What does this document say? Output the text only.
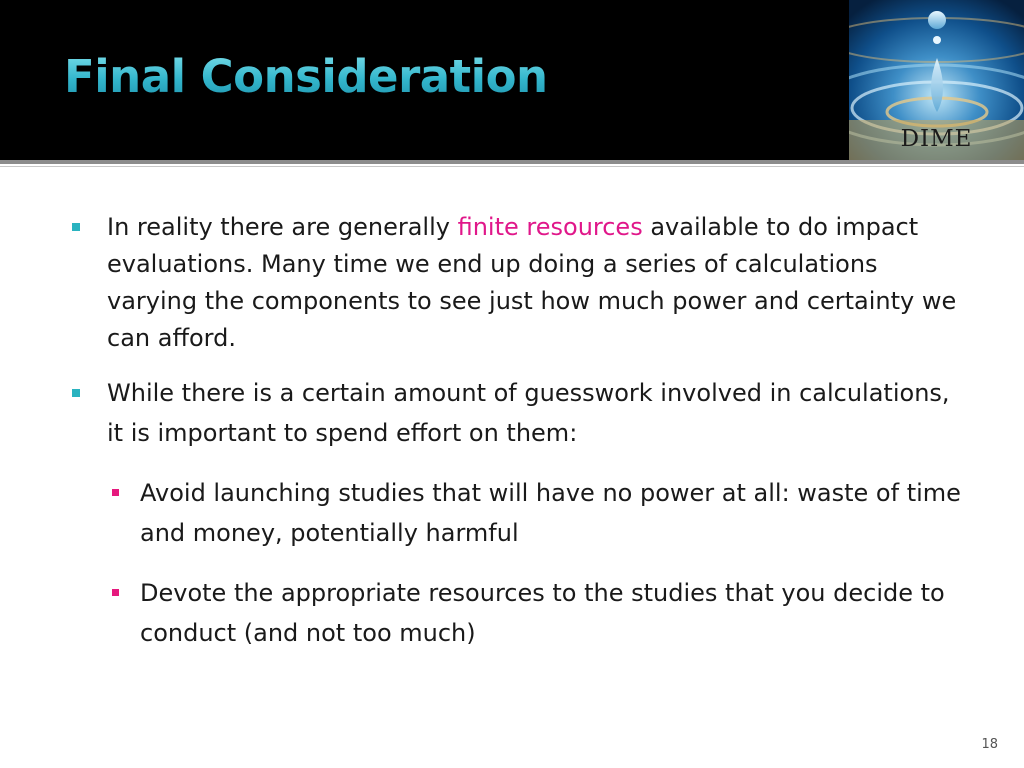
Final Consideration
DIME
In reality there are generally finite resources available to do impact evaluations. Many time we end up doing a series of calculations varying the components to see just how much power and certainty we can afford.
While there is a certain amount of guesswork involved in calculations, it is important to spend effort on them:
Avoid launching studies that will have no power at all: waste of time and money, potentially harmful
Devote the appropriate resources to the studies that you decide to conduct (and not too much)
18
